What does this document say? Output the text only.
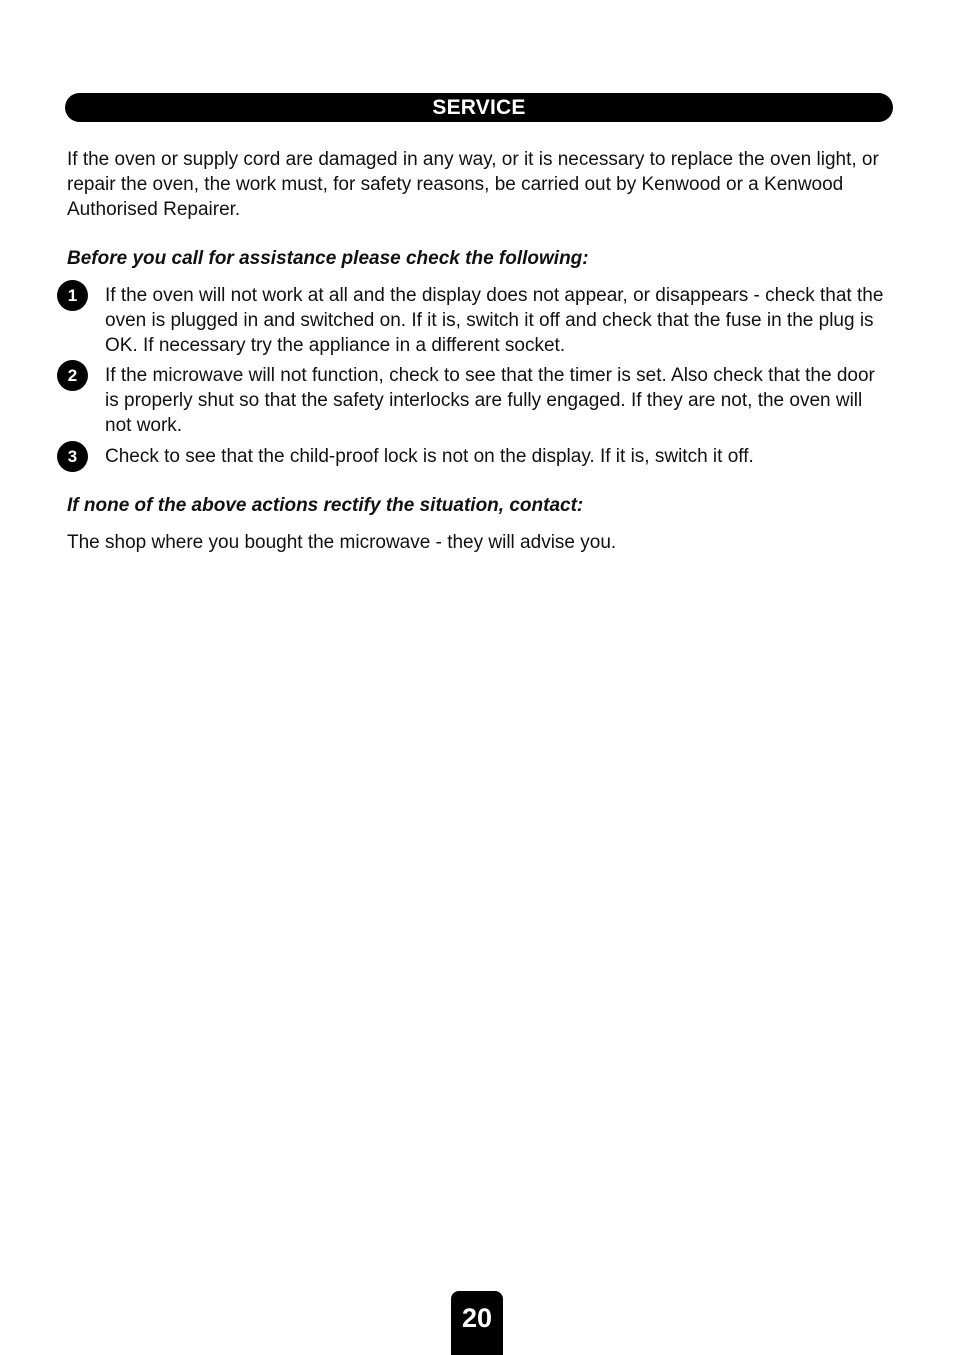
SERVICE

If the oven or supply cord are damaged in any way, or it is necessary to replace the oven light, or repair the oven, the work must, for safety reasons, be carried out by Kenwood or a Kenwood Authorised Repairer.

Before you call for assistance please check the following:

1	If the oven will not work at all and the display does not appear, or disappears - check that the oven is plugged in and switched on. If it is, switch it off and check that the fuse in the plug is OK. If necessary try the appliance in a different socket.
2	If the microwave will not function, check to see that the timer is set. Also check that the door is properly shut so that the safety interlocks are fully engaged. If they are not, the oven will not work.
3	Check to see that the child-proof lock is not on the display. If it is, switch it off.

If none of the above actions rectify the situation, contact:

The shop where you bought the microwave - they will advise you.

20
